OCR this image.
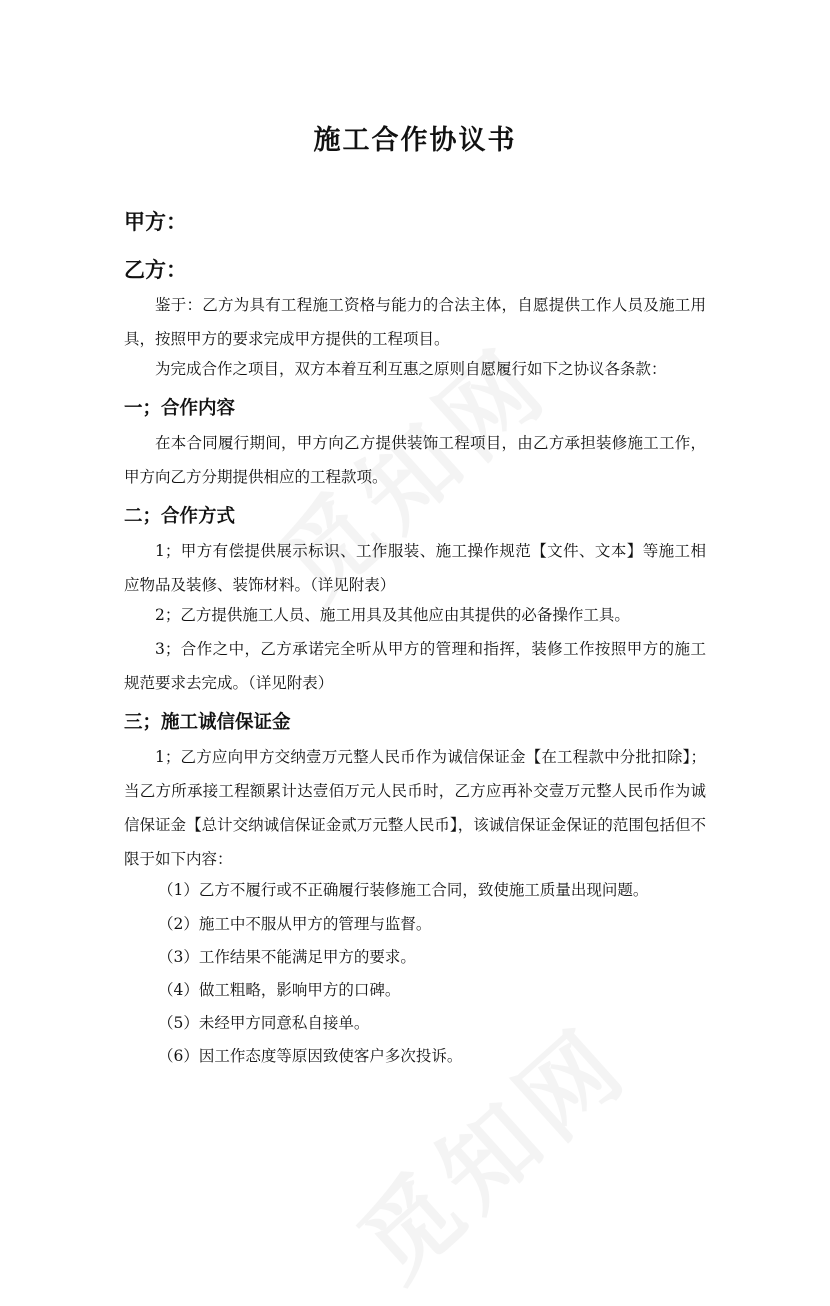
施工合作协议书
甲方：
乙方：
鉴于：乙方为具有工程施工资格与能力的合法主体，自愿提供工作人员及施工用具，按照甲方的要求完成甲方提供的工程项目。
为完成合作之项目，双方本着互利互惠之原则自愿履行如下之协议各条款：
一；合作内容
在本合同履行期间，甲方向乙方提供装饰工程项目，由乙方承担装修施工工作，甲方向乙方分期提供相应的工程款项。
二；合作方式
1；甲方有偿提供展示标识、工作服装、施工操作规范【文件、文本】等施工相应物品及装修、装饰材料。（详见附表）
2；乙方提供施工人员、施工用具及其他应由其提供的必备操作工具。
3；合作之中，乙方承诺完全听从甲方的管理和指挥，装修工作按照甲方的施工规范要求去完成。（详见附表）
三；施工诚信保证金
1；乙方应向甲方交纳壹万元整人民币作为诚信保证金【在工程款中分批扣除】；当乙方所承接工程额累计达壹佰万元人民币时，乙方应再补交壹万元整人民币作为诚信保证金【总计交纳诚信保证金贰万元整人民币】，该诚信保证金保证的范围包括但不限于如下内容：
（1）乙方不履行或不正确履行装修施工合同，致使施工质量出现问题。
（2）施工中不服从甲方的管理与监督。
（3）工作结果不能满足甲方的要求。
（4）做工粗略，影响甲方的口碑。
（5）未经甲方同意私自接单。
（6）因工作态度等原因致使客户多次投诉。
